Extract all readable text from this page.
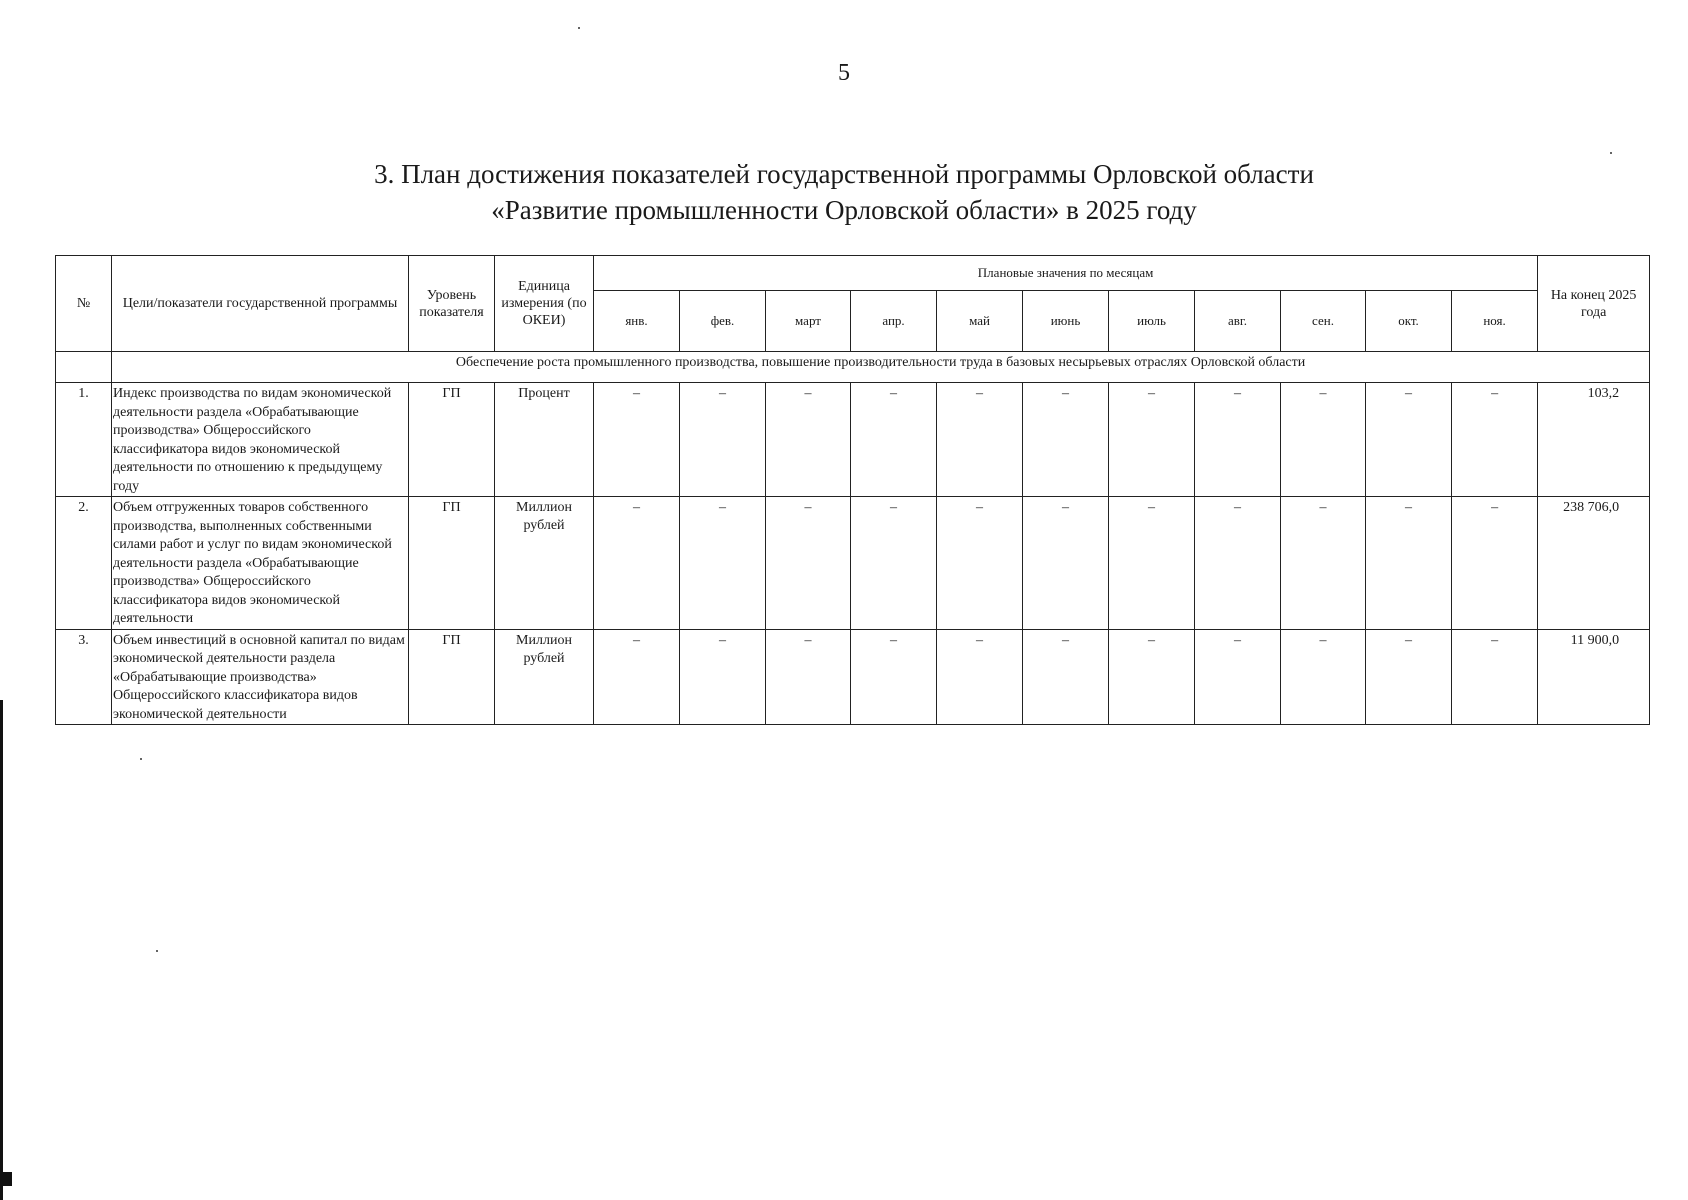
5
3. План достижения показателей государственной программы Орловской области
«Развитие промышленности Орловской области» в 2025 году
№	Цели/показатели государственной программы	Уровень показателя	Единица измерения (по ОКЕИ)	Плановые значения по месяцам											На конец 2025 года
				янв.	фев.	март	апр.	май	июнь	июль	авг.	сен.	окт.	ноя.	
	Обеспечение роста промышленного производства, повышение производительности труда в базовых несырьевых отраслях Орловской области														
1.	Индекс производства по видам экономической деятельности раздела «Обрабатывающие производства» Общероссийского классификатора видов экономической деятельности по отношению к предыдущему году	ГП	Процент	–	–	–	–	–	–	–	–	–	–	–	103,2
2.	Объем отгруженных товаров собственного производства, выполненных собственными силами работ и услуг по видам экономической деятельности раздела «Обрабатывающие производства» Общероссийского классификатора видов экономической деятельности	ГП	Миллион рублей	–	–	–	–	–	–	–	–	–	–	–	238 706,0
3.	Объем инвестиций в основной капитал по видам экономической деятельности раздела «Обрабатывающие производства» Общероссийского классификатора видов экономической деятельности	ГП	Миллион рублей	–	–	–	–	–	–	–	–	–	–	–	11 900,0
